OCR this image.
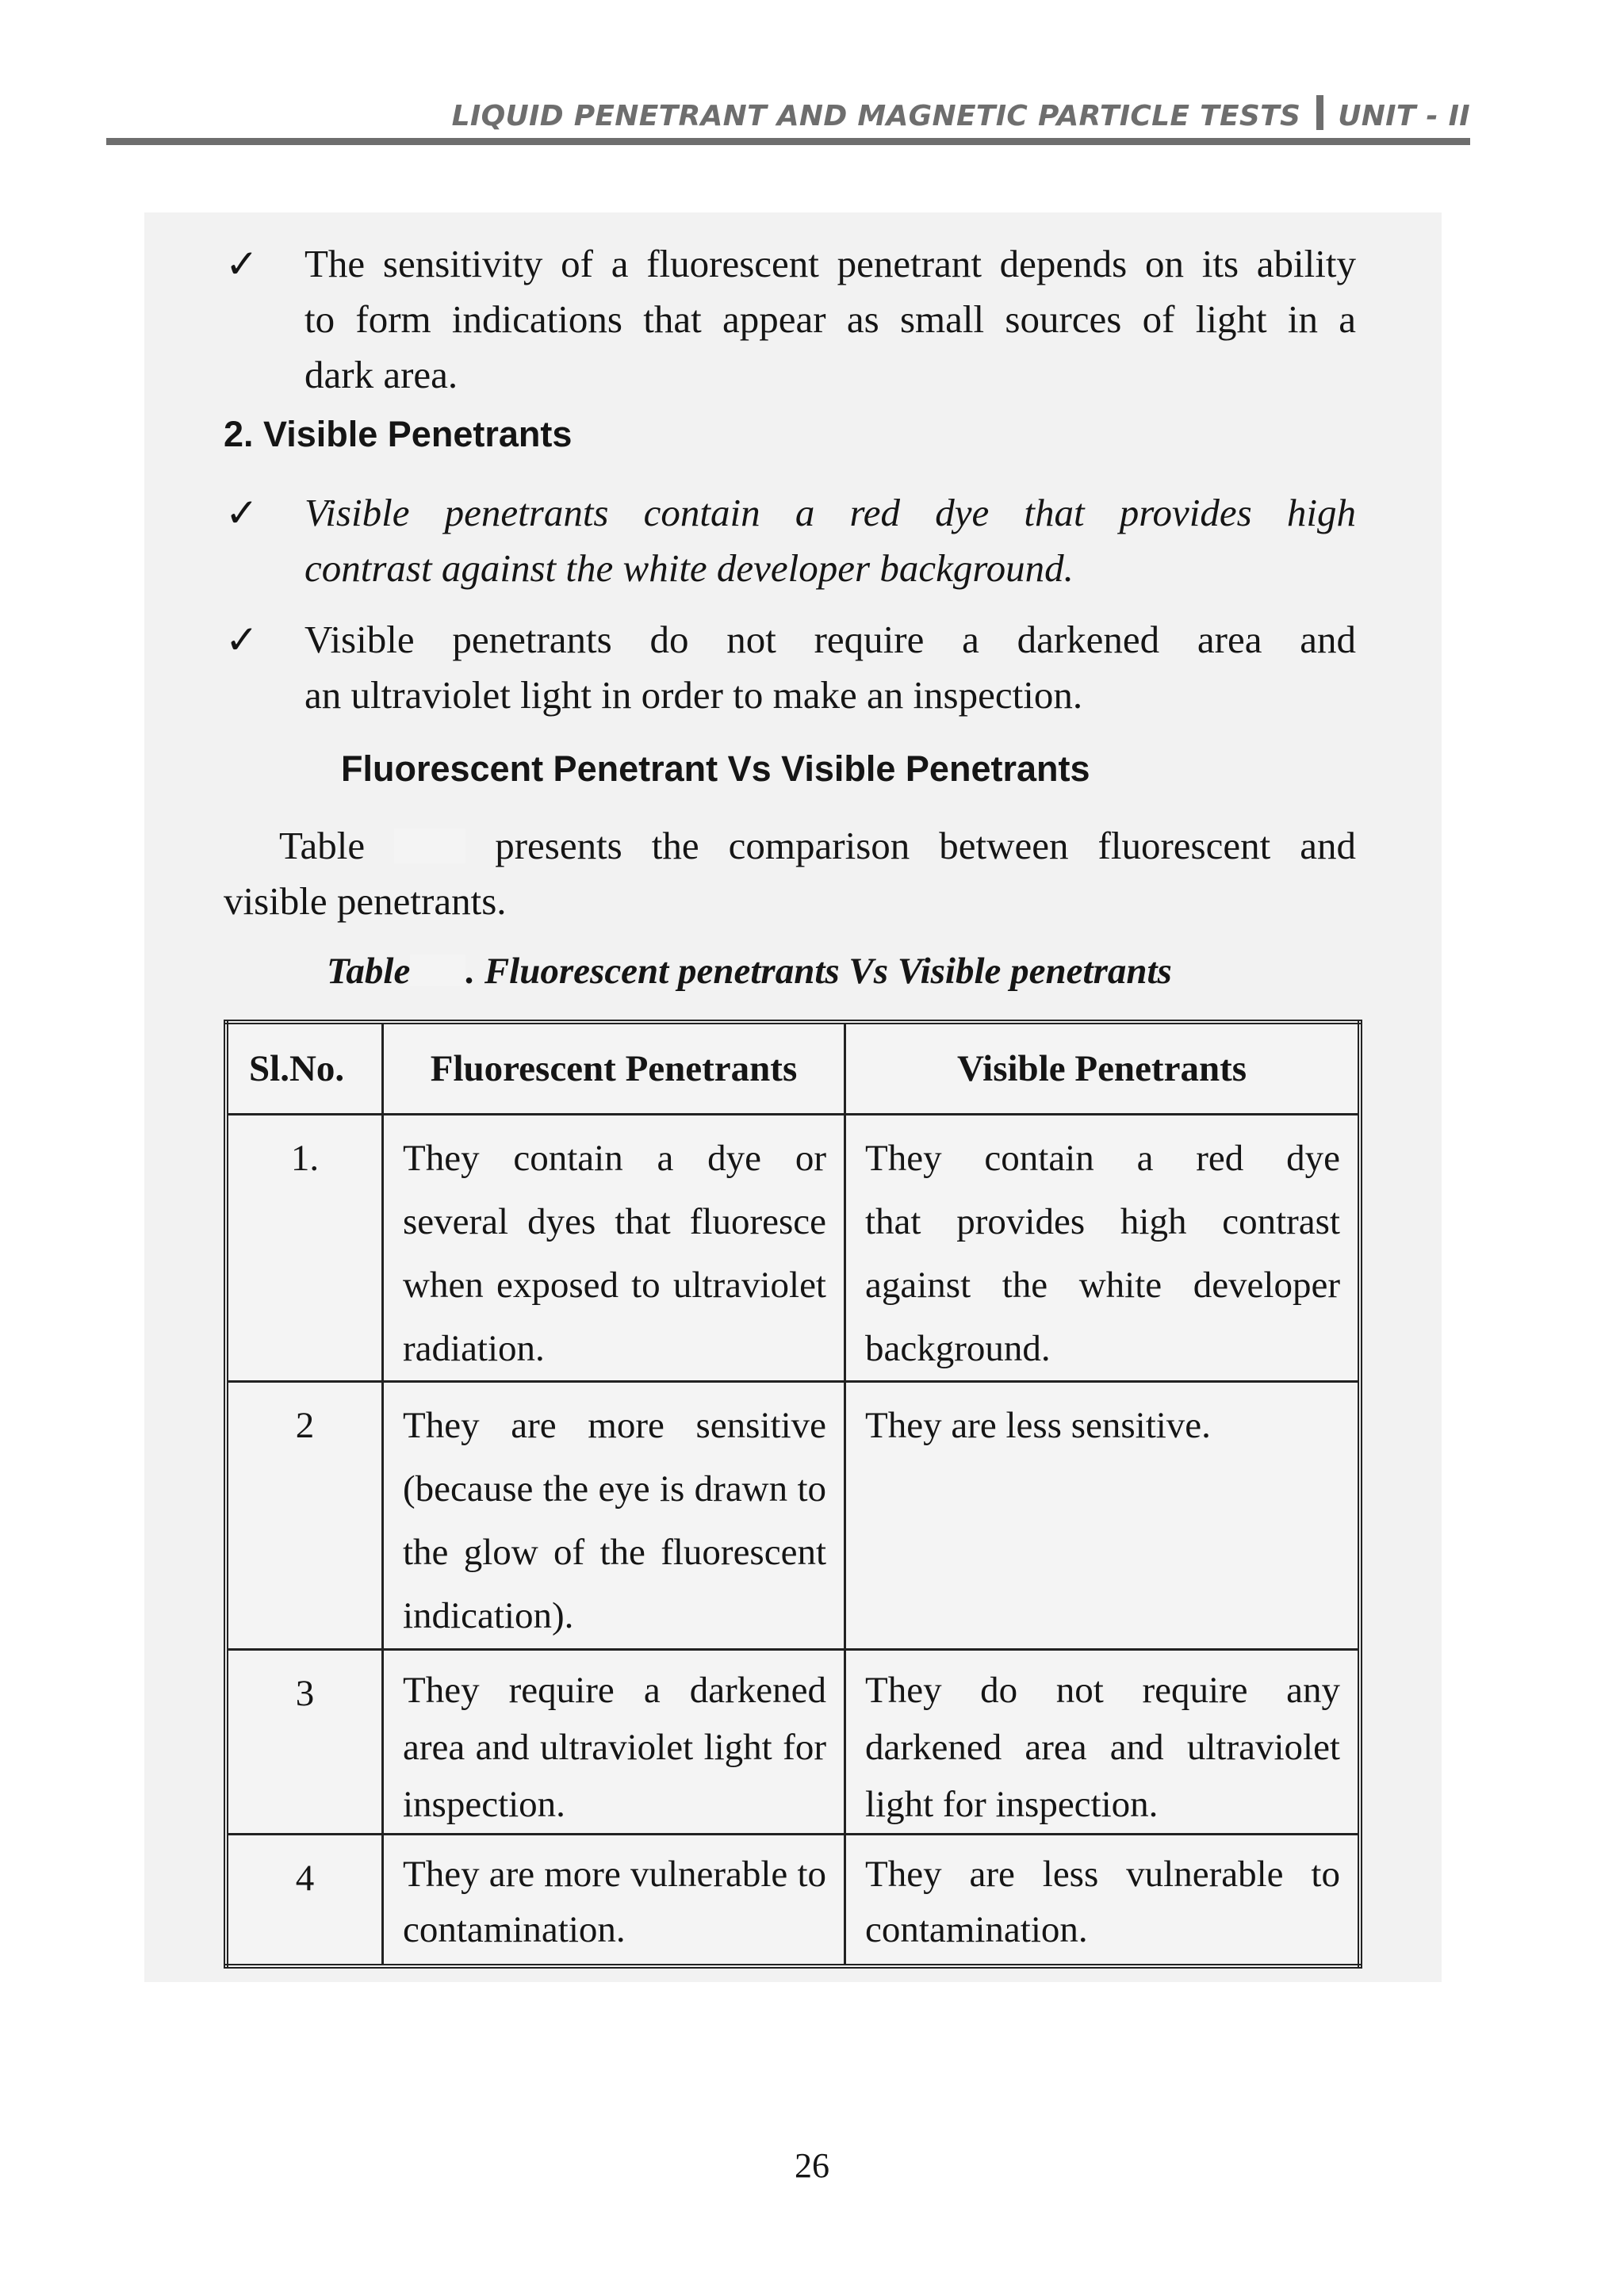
LIQUID PENETRANT AND MAGNETIC PARTICLE TESTS UNIT - II
✓ The sensitivity of a fluorescent penetrant depends on its ability
to form indications that appear as small sources of light in a
dark area.
2. Visible Penetrants
✓ Visible penetrants contain a red dye that provides high
contrast against the white developer background.
✓ Visible penetrants do not require a darkened area and
an ultraviolet light in order to make an inspection.
Fluorescent Penetrant Vs Visible Penetrants
Table	presents the comparison between fluorescent and
visible penetrants.
Table . Fluorescent penetrants Vs Visible penetrants
Sl.No.	Fluorescent Penetrants	Visible Penetrants
1.	They contain a dye or
several dyes that fluoresce
when exposed to ultraviolet
radiation.	They contain a red dye
that provides high contrast
against the white developer
background.

2	They are more sensitive
(because the eye is drawn to
the glow of the fluorescent
indication).	They are less sensitive.

3	They require a darkened
area and ultraviolet light for
inspection.	They do not require any
darkened area and ultraviolet
light for inspection.

4	They are more vulnerable to
contamination.	They are less vulnerable to
contamination.
26
